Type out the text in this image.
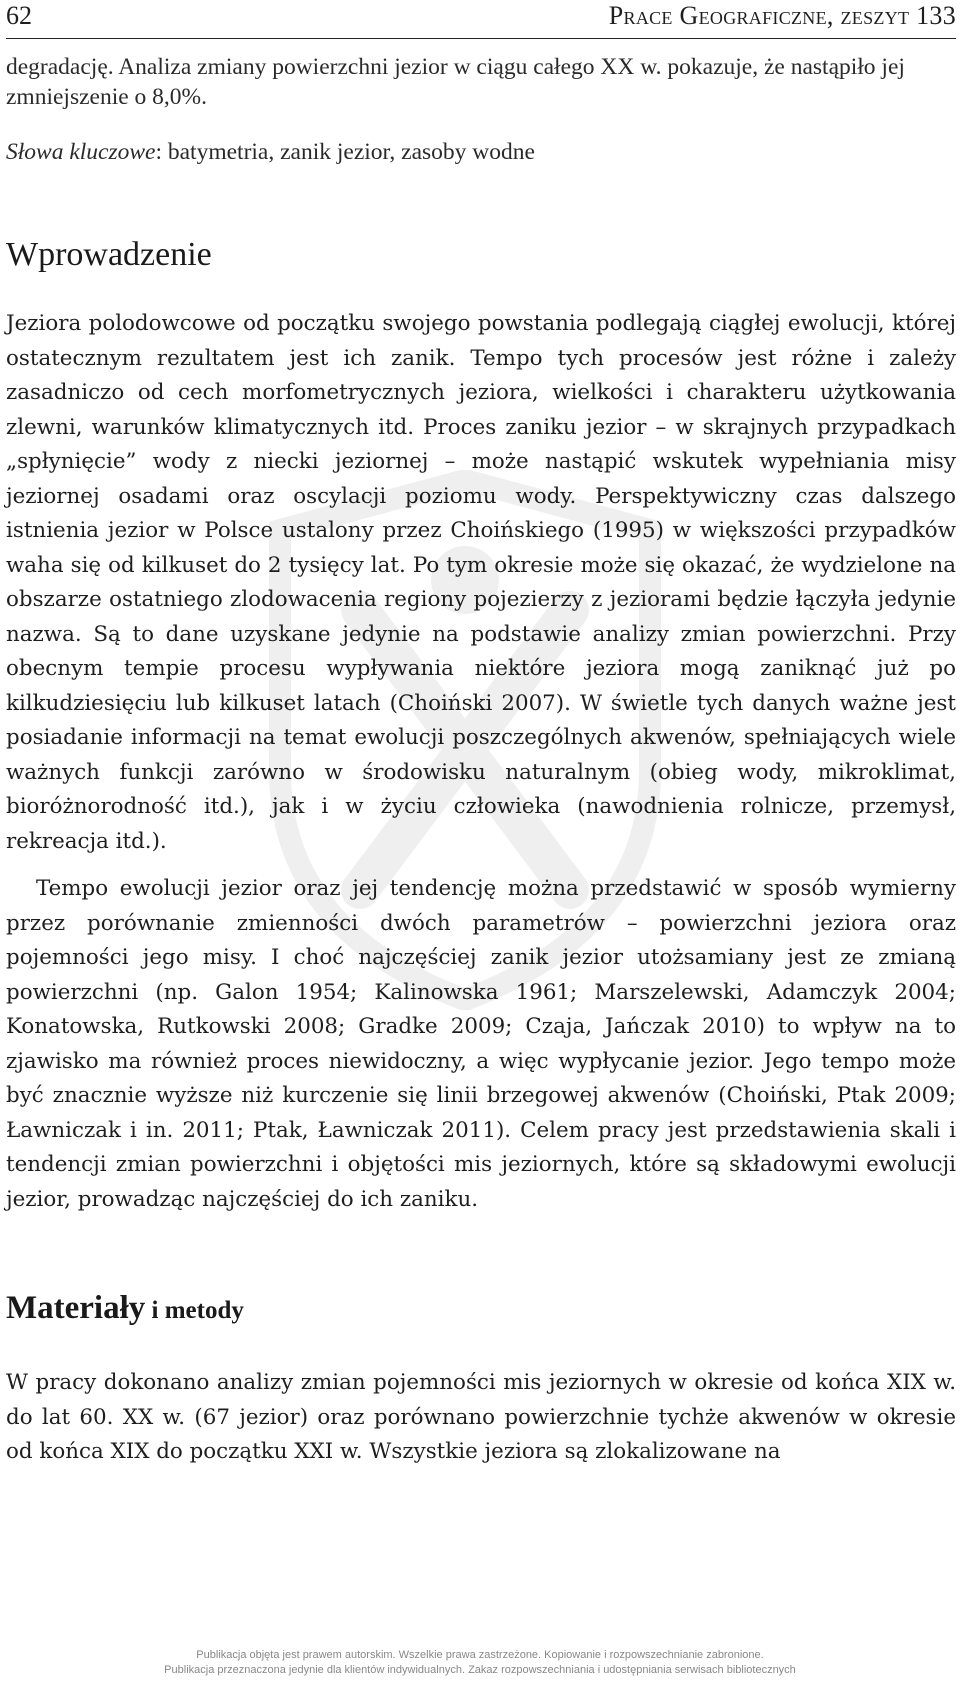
62	Prace Geograficzne, zeszyt 133

degradację. Analiza zmiany powierzchni jezior w ciągu całego XX w. pokazuje, że nastąpiło jej zmniejszenie o 8,0%.

Słowa kluczowe: batymetria, zanik jezior, zasoby wodne

Wprowadzenie

Jeziora polodowcowe od początku swojego powstania podlegają ciągłej ewolucji, której ostatecznym rezultatem jest ich zanik. Tempo tych procesów jest różne i zależy zasadniczo od cech morfometrycznych jeziora, wielkości i charakteru użytkowania zlewni, warunków klimatycznych itd. Proces zaniku jezior – w skrajnych przypadkach „spłynięcie” wody z niecki jeziornej – może nastąpić wskutek wypełniania misy jeziornej osadami oraz oscylacji poziomu wody. Perspektywiczny czas dalszego istnienia jezior w Polsce ustalony przez Choińskiego (1995) w większości przypadków waha się od kilkuset do 2 tysięcy lat. Po tym okresie może się okazać, że wydzielone na obszarze ostatniego zlodowacenia regiony pojezierzy z jeziorami będzie łączyła jedynie nazwa. Są to dane uzyskane jedynie na podstawie analizy zmian powierzchni. Przy obecnym tempie procesu wypływania niektóre jeziora mogą zaniknąć już po kilkudziesięciu lub kilkuset latach (Choiński 2007). W świetle tych danych ważne jest posiadanie informacji na temat ewolucji poszczególnych akwenów, spełniających wiele ważnych funkcji zarówno w środowisku naturalnym (obieg wody, mikroklimat, bioróżnorodność itd.), jak i w życiu człowieka (nawodnienia rolnicze, przemysł, rekreacja itd.).

Tempo ewolucji jezior oraz jej tendencję można przedstawić w sposób wymierny przez porównanie zmienności dwóch parametrów – powierzchni jeziora oraz pojemności jego misy. I choć najczęściej zanik jezior utożsamiany jest ze zmianą powierzchni (np. Galon 1954; Kalinowska 1961; Marszelewski, Adamczyk 2004; Konatowska, Rutkowski 2008; Gradke 2009; Czaja, Jańczak 2010) to wpływ na to zjawisko ma również proces niewidoczny, a więc wypłycanie jezior. Jego tempo może być znacznie wyższe niż kurczenie się linii brzegowej akwenów (Choiński, Ptak 2009; Ławniczak i in. 2011; Ptak, Ławniczak 2011). Celem pracy jest przedstawienia skali i tendencji zmian powierzchni i objętości mis jeziornych, które są składowymi ewolucji jezior, prowadząc najczęściej do ich zaniku.

Materiały i metody

W pracy dokonano analizy zmian pojemności mis jeziornych w okresie od końca XIX w. do lat 60. XX w. (67 jezior) oraz porównano powierzchnie tychże akwenów w okresie od końca XIX do początku XXI w. Wszystkie jeziora są zlokalizowane na

Publikacja objęta jest prawem autorskim. Wszelkie prawa zastrzeżone. Kopiowanie i rozpowszechnianie zabronione.
Publikacja przeznaczona jedynie dla klientów indywidualnych. Zakaz rozpowszechniania i udostępniania serwisach bibliotecznych
